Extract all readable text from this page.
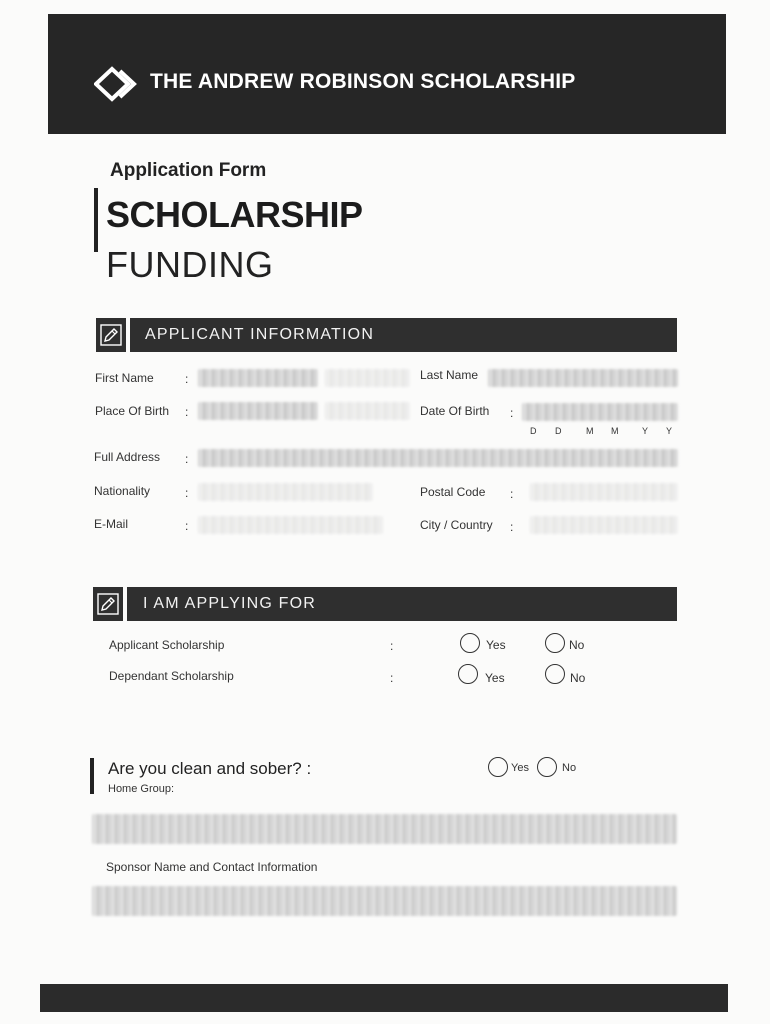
THE ANDREW ROBINSON SCHOLARSHIP
Application Form
SCHOLARSHIP
FUNDING
APPLICANT INFORMATION
First Name	:	Last Name
Place Of Birth :	Date Of Birth :
D D	M M	Y Y
Full Address :
Nationality	:	Postal Code :
E-Mail	:	City / Country :
I AM APPLYING FOR
Applicant Scholarship	:	Yes	No
Dependant Scholarship	:	Yes	No
Are you clean and sober? :	Yes	No
Home Group:
Sponsor Name and Contact Information
